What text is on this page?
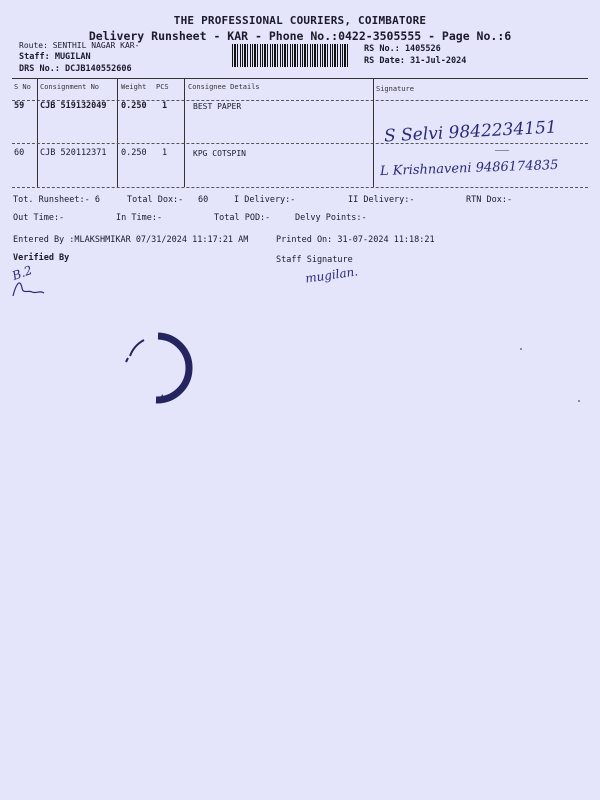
THE PROFESSIONAL COURIERS, COIMBATORE
Delivery Runsheet - KAR - Phone No.:0422-3505555 - Page No.:6
Route: SENTHIL NAGAR KAR-
Staff: MUGILAN
DRS No.: DCJB140552606
RS No.: 1405526
RS Date: 31-Jul-2024
S No Consignment No	Weight PCS	Consignee Details	Signature
59 CJB 519132049 0.250 1	BEST PAPER
S Selvi 9842234151
60 CJB 520112371 0.250 1	KPG COTSPIN
L Krishnaveni 9486174835
Tot. Runsheet:- 6	Total Dox:- 60	I Delivery:-	II Delivery:-	RTN Dox:-
Out Time:-	In Time:-	Total POD:-	Delvy Points:-
Entered By :MLAKSHMIKAR 07/31/2024 11:17:21 AM	Printed On: 31-07-2024 11:18:21
Verified By	Staff Signature
mugilan.
B.2
